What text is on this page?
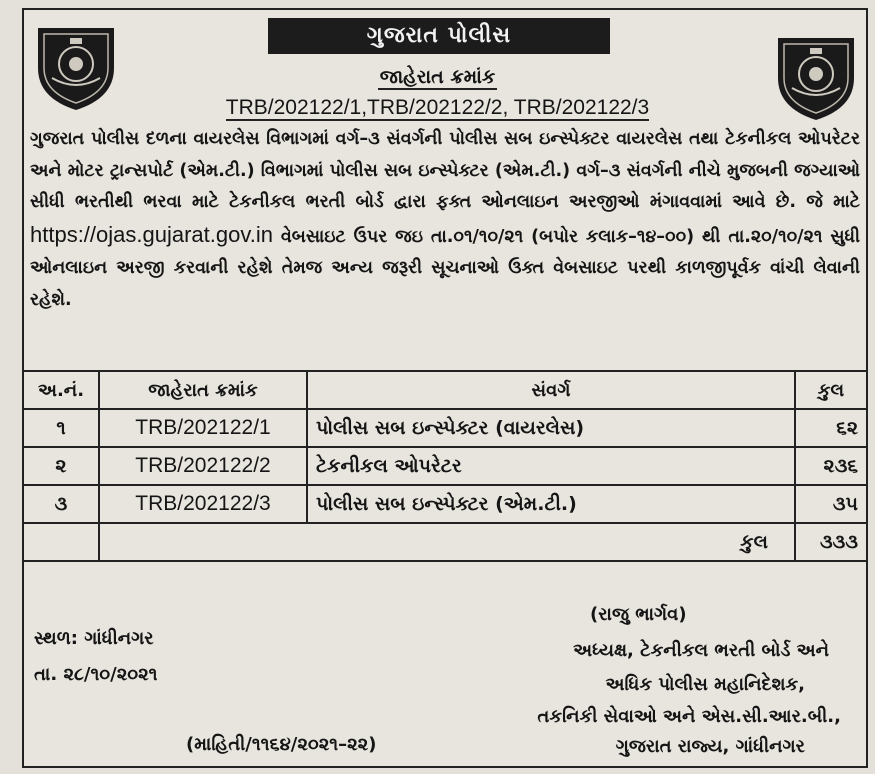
ગુજરાત પોલીસ
જાહેરાત ક્રમાંક
TRB/202122/1,TRB/202122/2, TRB/202122/3
ગુજરાત પોલીસ દળના વાયરલેસ વિભાગમાં વર્ગ–૩ સંવર્ગની પોલીસ સબ ઇન્સ્પેક્ટર વાયરલેસ તથા ટેકનીકલ ઓપરેટર અને મોટર ટ્રાન્સપોર્ટ (એમ.ટી.) વિભાગમાં પોલીસ સબ ઇન્સ્પેક્ટર (એમ.ટી.) વર્ગ–૩ સંવર્ગની નીચે મુજબની જગ્યાઓ સીધી ભરતીથી ભરવા માટે ટેકનીકલ ભરતી બોર્ડ દ્વારા ફક્ત ઓનલાઇન અરજીઓ મંગાવવામાં આવે છે. જે માટે https://ojas.gujarat.gov.in વેબસાઇટ ઉપર જઇ તા.૦૧/૧૦/૨૧ (બપોર કલાક–૧૪–૦૦) થી તા.૨૦/૧૦/૨૧ સુધી ઓનલાઇન અરજી કરવાની રહેશે તેમજ અન્ય જરૂરી સૂચનાઓ ઉક્ત વેબસાઇટ પરથી કાળજીપૂર્વક વાંચી લેવાની રહેશે.
અ.નં.	જાહેરાત ક્રમાંક	સંવર્ગ	કુલ
૧	TRB/202122/1	પોલીસ સબ ઇન્સ્પેક્ટર (વાયરલેસ)	૬૨
૨	TRB/202122/2	ટેકનીકલ ઓપરેટર	૨૩૬
૩	TRB/202122/3	પોલીસ સબ ઇન્સ્પેક્ટર (એમ.ટી.)	૩૫
	કુલ		૩૩૩
(રાજુ ભાર્ગવ)
અધ્યક્ષ, ટેકનીકલ ભરતી બોર્ડ અને
અધિક પોલીસ મહાનિદેશક,
તકનિકી સેવાઓ અને એસ.સી.આર.બી.,
ગુજરાત રાજ્ય, ગાંધીનગર
સ્થળ: ગાંધીનગર
તા. ૨૮/૧૦/૨૦૨૧
(માહિતી/૧૧૬૪/૨૦૨૧–૨૨)
